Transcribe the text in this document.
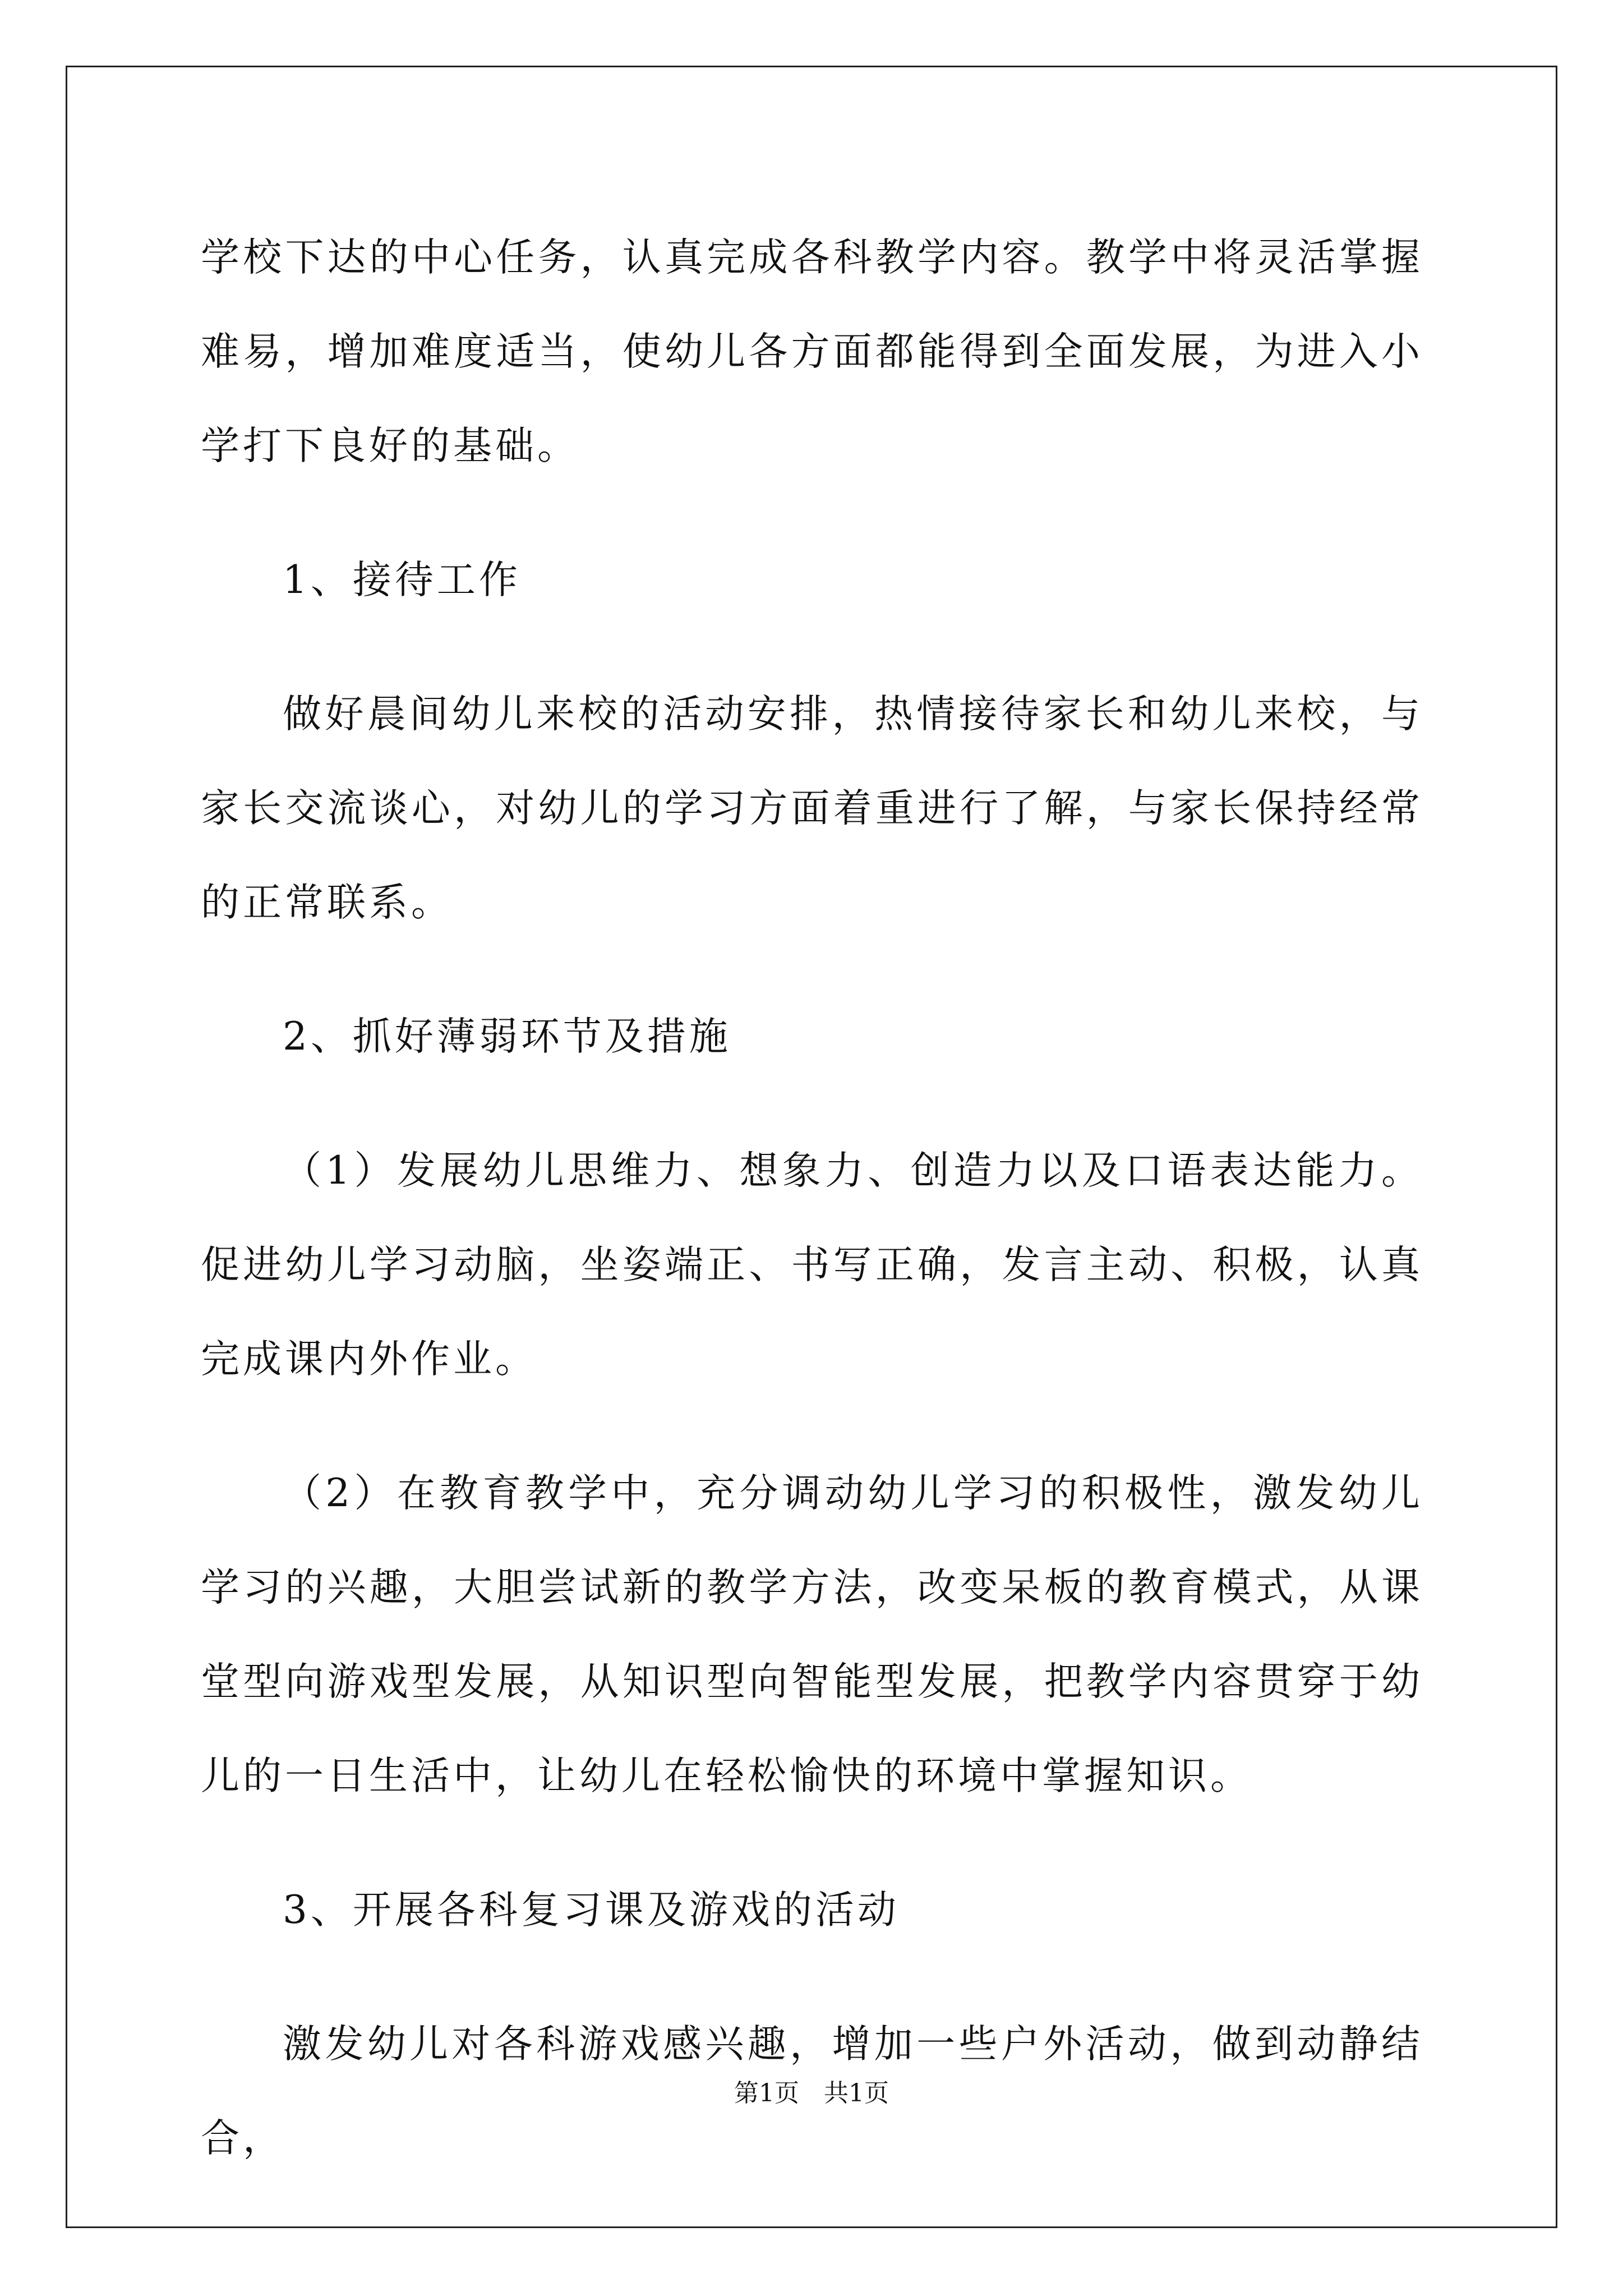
学校下达的中心任务，认真完成各科教学内容。教学中将灵活掌握难易，增加难度适当，使幼儿各方面都能得到全面发展，为进入小学打下良好的基础。

1、接待工作

做好晨间幼儿来校的活动安排，热情接待家长和幼儿来校，与家长交流谈心，对幼儿的学习方面着重进行了解，与家长保持经常的正常联系。

2、抓好薄弱环节及措施

（1）发展幼儿思维力、想象力、创造力以及口语表达能力。促进幼儿学习动脑，坐姿端正、书写正确，发言主动、积极，认真完成课内外作业。

（2）在教育教学中，充分调动幼儿学习的积极性，激发幼儿学习的兴趣，大胆尝试新的教学方法，改变呆板的教育模式，从课堂型向游戏型发展，从知识型向智能型发展，把教学内容贯穿于幼儿的一日生活中，让幼儿在轻松愉快的环境中掌握知识。

3、开展各科复习课及游戏的活动

激发幼儿对各科游戏感兴趣，增加一些户外活动，做到动静结合，

第1页　共1页
